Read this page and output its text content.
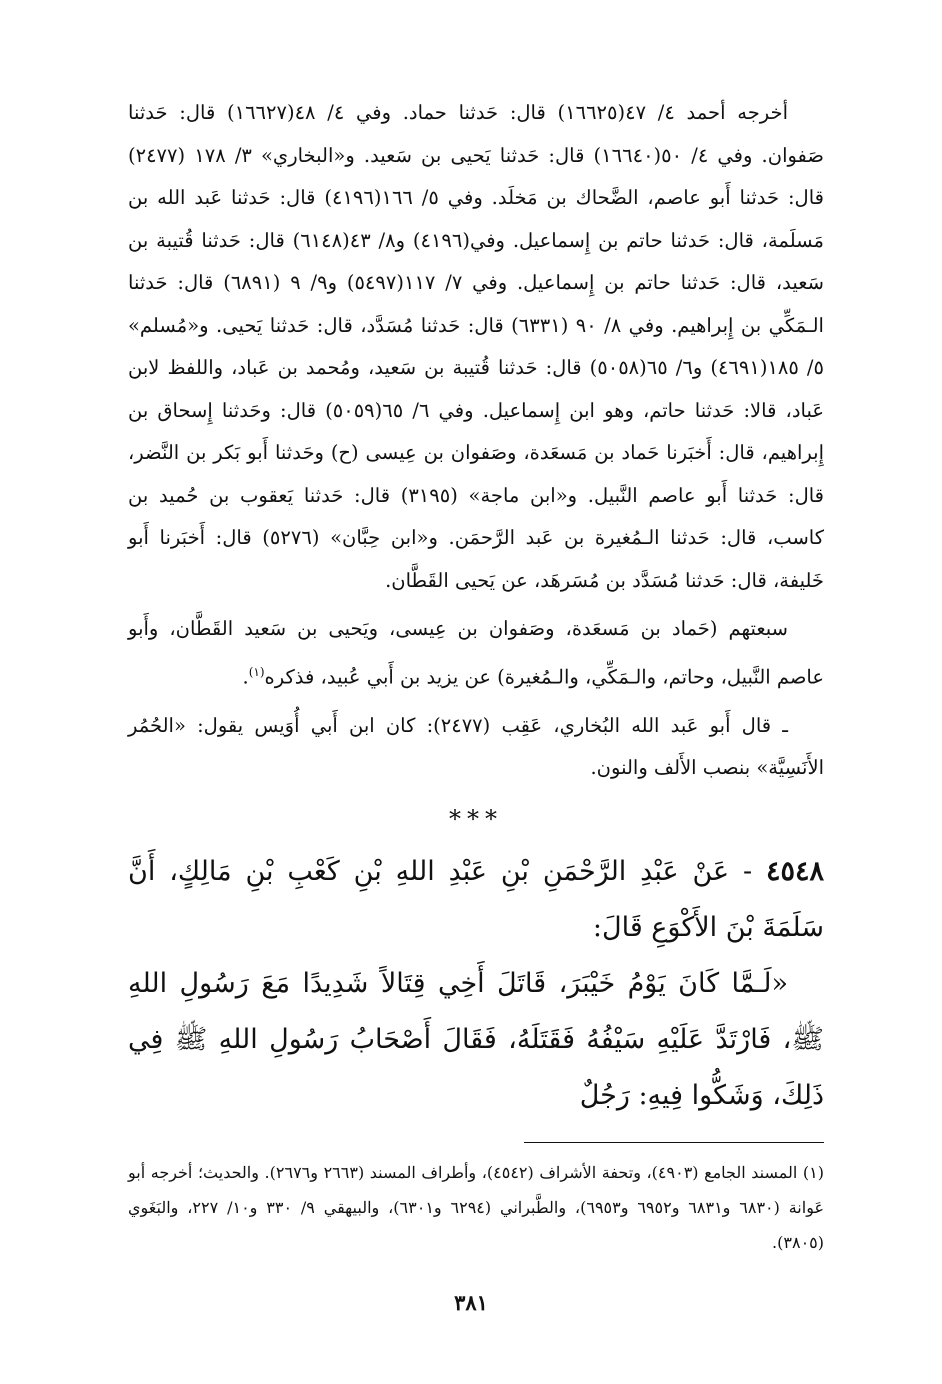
أخرجه أحمد ٤/ ٤٧(١٦٦٢٥) قال: حَدثنا حماد. وفي ٤/ ٤٨(١٦٦٢٧) قال: حَدثنا صَفوان. وفي ٤/ ٥٠(١٦٦٤٠) قال: حَدثنا يَحيى بن سَعيد. و«البخاري» ٣/ ١٧٨ (٢٤٧٧) قال: حَدثنا أَبو عاصم، الضَّحاك بن مَخلَد. وفي ٥/ ١٦٦(٤١٩٦) قال: حَدثنا عَبد الله بن مَسلَمة، قال: حَدثنا حاتم بن إِسماعيل. وفي(٤١٩٦) و٨/ ٤٣(٦١٤٨) قال: حَدثنا قُتيبة بن سَعيد، قال: حَدثنا حاتم بن إِسماعيل. وفي ٧/ ١١٧(٥٤٩٧) و٩/ ٩ (٦٨٩١) قال: حَدثنا الـمَكِّي بن إِبراهيم. وفي ٨/ ٩٠ (٦٣٣١) قال: حَدثنا مُسَدَّد، قال: حَدثنا يَحيى. و«مُسلم» ٥/ ١٨٥(٤٦٩١) و٦/ ٦٥(٥٠٥٨) قال: حَدثنا قُتيبة بن سَعيد، ومُحمد بن عَباد، واللفظ لابن عَباد، قالا: حَدثنا حاتم، وهو ابن إِسماعيل. وفي ٦/ ٦٥(٥٠٥٩) قال: وحَدثنا إِسحاق بن إِبراهيم، قال: أَخبَرنا حَماد بن مَسعَدة، وصَفوان بن عِيسى (ح) وحَدثنا أَبو بَكر بن النَّضر، قال: حَدثنا أَبو عاصم النَّبيل. و«ابن ماجة» (٣١٩٥) قال: حَدثنا يَعقوب بن حُميد بن كاسب، قال: حَدثنا الـمُغيرة بن عَبد الرَّحمَن. و«ابن حِبَّان» (٥٢٧٦) قال: أَخبَرنا أَبو خَليفة، قال: حَدثنا مُسَدَّد بن مُسَرهَد، عن يَحيى القَطَّان.

سبعتهم (حَماد بن مَسعَدة، وصَفوان بن عِيسى، ويَحيى بن سَعيد القَطَّان، وأَبو عاصم النَّبيل، وحاتم، والـمَكِّي، والـمُغيرة) عن يزيد بن أَبي عُبيد، فذكره$^{(١)}$.

ـ قال أَبو عَبد الله البُخاري، عَقِب (٢٤٧٧): كان ابن أَبي أُوَيس يقول: «الحُمُر الأَنَسِيَّة» بنصب الأَلف والنون.

***

٤٥٤٨ - عَنْ عَبْدِ الرَّحْمَنِ بْنِ عَبْدِ اللهِ بْنِ كَعْبِ بْنِ مَالِكٍ، أَنَّ سَلَمَةَ بْنَ الأَكْوَعِ قَالَ:

«لَـمَّا كَانَ يَوْمُ خَيْبَرَ، قَاتَلَ أَخِي قِتَالاً شَدِيدًا مَعَ رَسُولِ اللهِ ﷺ، فَارْتَدَّ عَلَيْهِ سَيْفُهُ فَقَتَلَهُ، فَقَالَ أَصْحَابُ رَسُولِ اللهِ ﷺ فِي ذَلِكَ، وَشَكُّوا فِيهِ: رَجُلٌ

(١) المسند الجامع (٤٩٠٣)، وتحفة الأشراف (٤٥٤٢)، وأطراف المسند (٢٦٦٣ و٢٦٧٦). والحديث؛ أخرجه أبو عَوانة (٦٨٣٠ و٦٨٣١ و٦٩٥٢ و٦٩٥٣)، والطَّبراني (٦٢٩٤ و٦٣٠١)، والبيهقي ٩/ ٣٣٠ و١٠/ ٢٢٧، والبَغَوي (٣٨٠٥).

٣٨١
